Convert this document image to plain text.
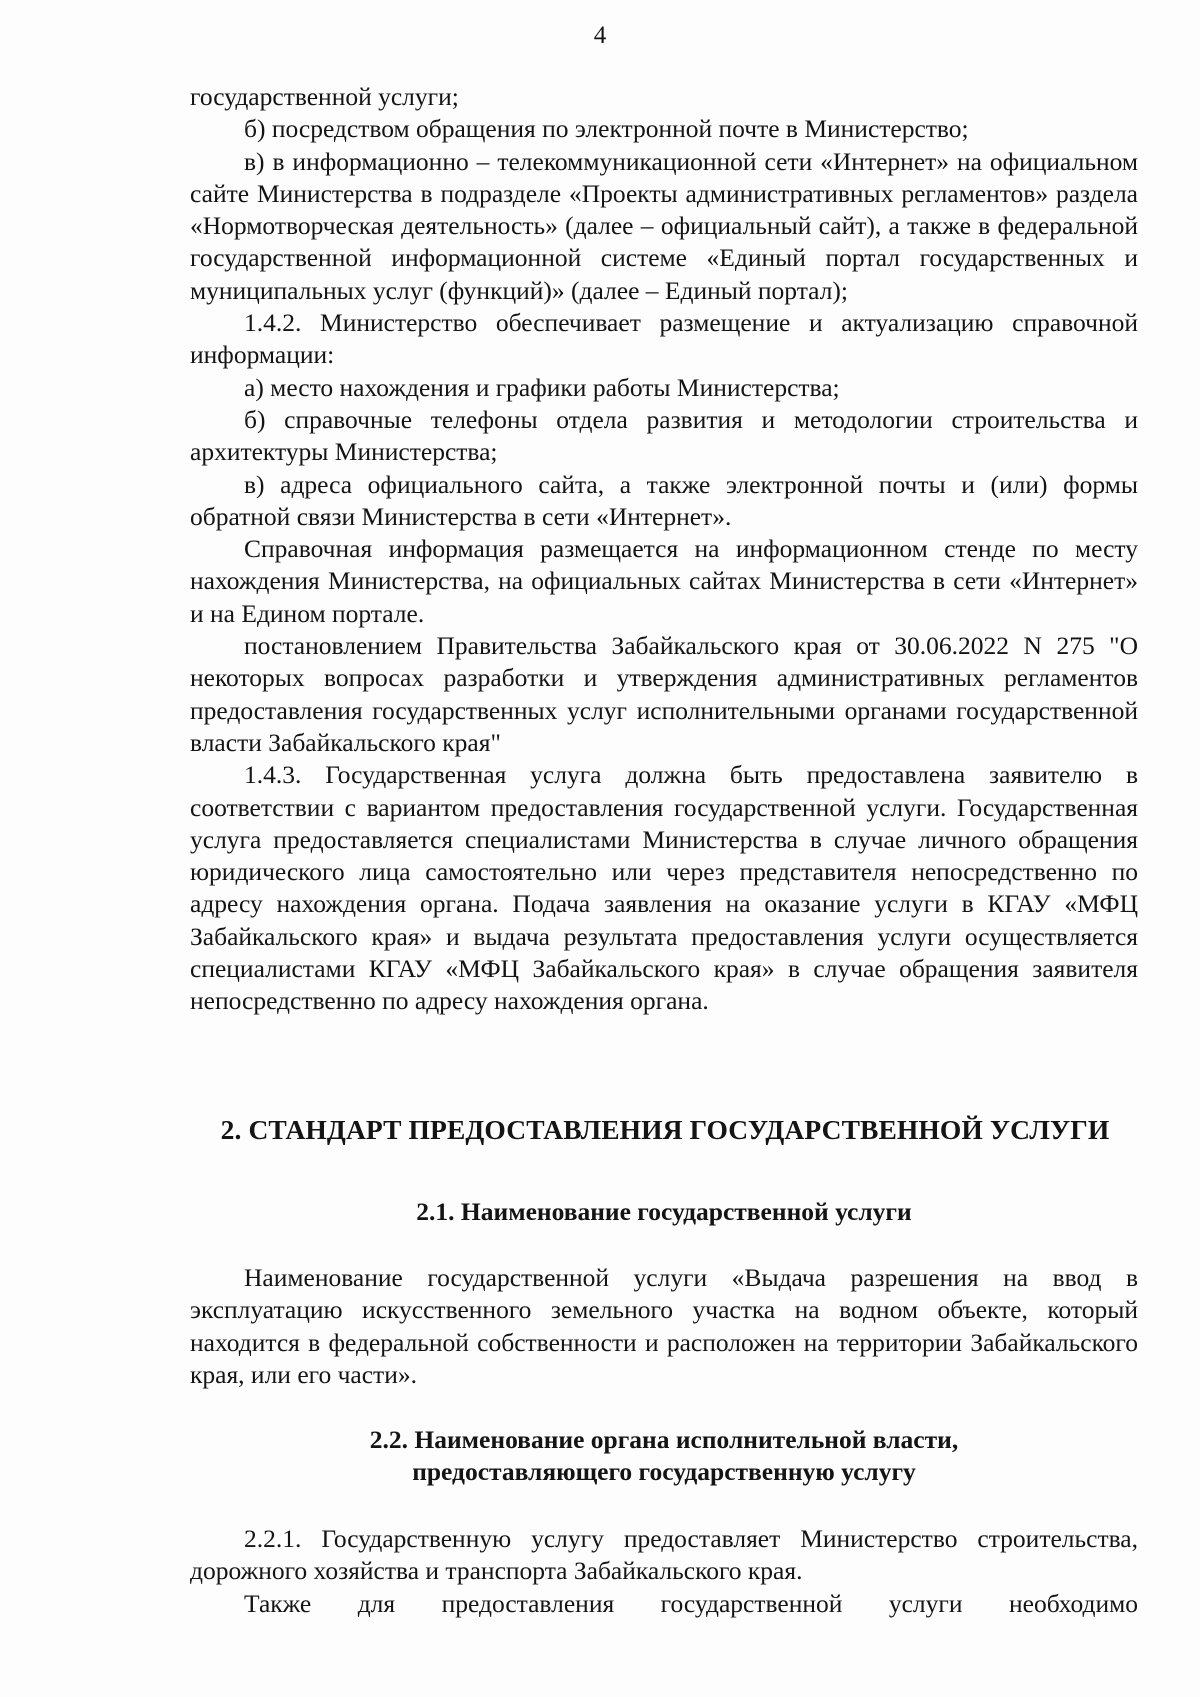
4

государственной услуги;

б) посредством обращения по электронной почте в Министерство;

в) в информационно – телекоммуникационной сети «Интернет» на официальном сайте Министерства в подразделе «Проекты административных регламентов» раздела «Нормотворческая деятельность» (далее – официальный сайт), а также в федеральной государственной информационной системе «Единый портал государственных и муниципальных услуг (функций)» (далее – Единый портал);

1.4.2. Министерство обеспечивает размещение и актуализацию справочной информации:

а) место нахождения и графики работы Министерства;

б) справочные телефоны отдела развития и методологии строительства и архитектуры Министерства;

в) адреса официального сайта, а также электронной почты и (или) формы обратной связи Министерства в сети «Интернет».

Справочная информация размещается на информационном стенде по месту нахождения Министерства, на официальных сайтах Министерства в сети «Интернет» и на Едином портале.

постановлением Правительства Забайкальского края от 30.06.2022 N 275 "О некоторых вопросах разработки и утверждения административных регламентов предоставления государственных услуг исполнительными органами государственной власти Забайкальского края"

1.4.3. Государственная услуга должна быть предоставлена заявителю в соответствии с вариантом предоставления государственной услуги. Государственная услуга предоставляется специалистами Министерства в случае личного обращения юридического лица самостоятельно или через представителя непосредственно по адресу нахождения органа. Подача заявления на оказание услуги в КГАУ «МФЦ Забайкальского края» и выдача результата предоставления услуги осуществляется специалистами КГАУ «МФЦ Забайкальского края» в случае обращения заявителя непосредственно по адресу нахождения органа.

2. СТАНДАРТ ПРЕДОСТАВЛЕНИЯ ГОСУДАРСТВЕННОЙ УСЛУГИ
2.1. Наименование государственной услуги

Наименование государственной услуги «Выдача разрешения на ввод в эксплуатацию искусственного земельного участка на водном объекте, который находится в федеральной собственности и расположен на территории Забайкальского края, или его части».

2.2. Наименование органа исполнительной власти,
предоставляющего государственную услугу

2.2.1. Государственную услугу предоставляет Министерство строительства, дорожного хозяйства и транспорта Забайкальского края.

Также для предоставления государственной услуги необходимо
